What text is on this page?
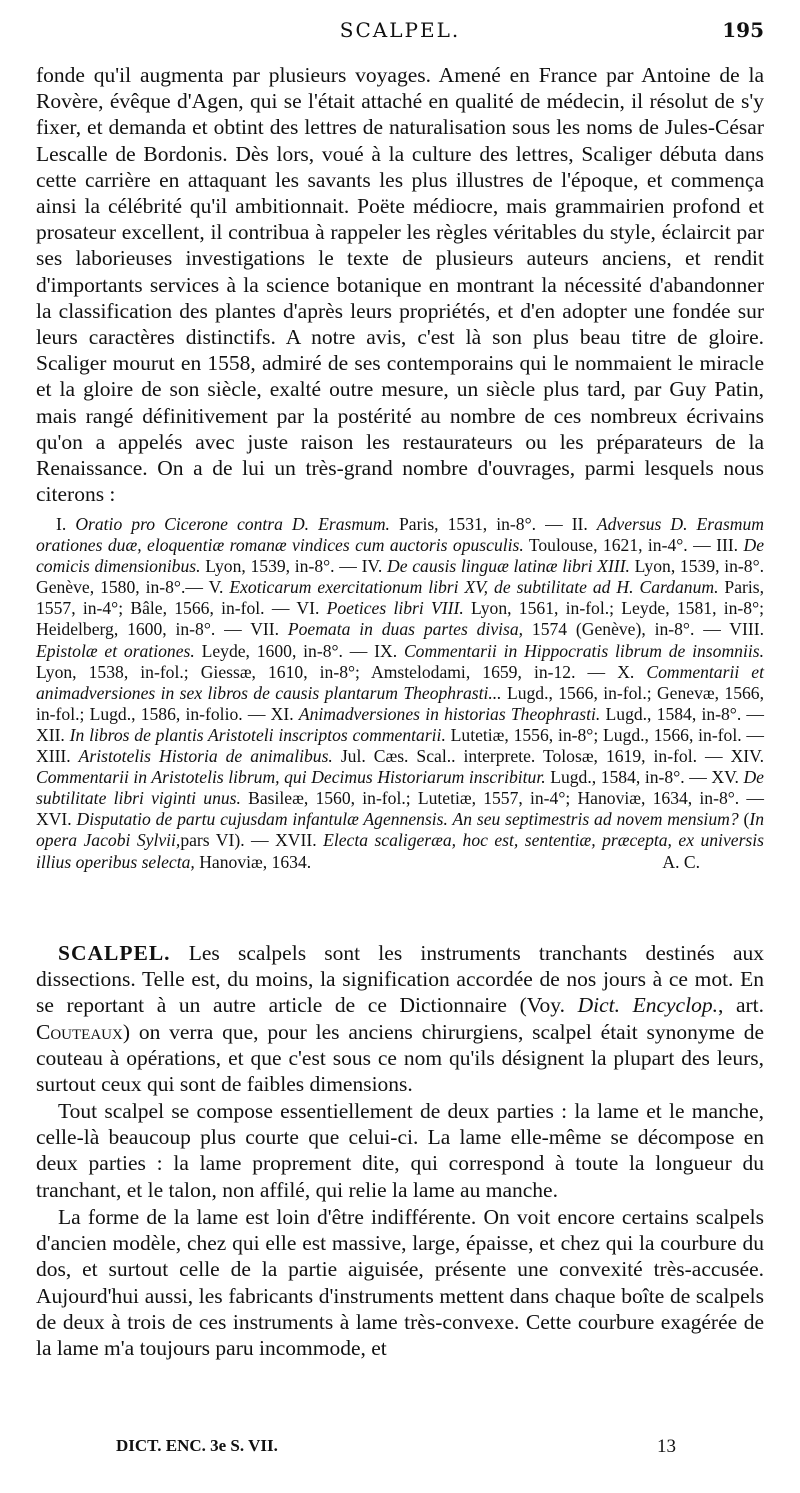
SCALPEL.	195

fonde qu'il augmenta par plusieurs voyages. Amené en France par Antoine de la Rovère, évêque d'Agen, qui se l'était attaché en qualité de médecin, il résolut de s'y fixer, et demanda et obtint des lettres de naturalisation sous les noms de Jules-César Lescalle de Bordonis. Dès lors, voué à la culture des lettres, Scaliger débuta dans cette carrière en attaquant les savants les plus illustres de l'époque, et commença ainsi la célébrité qu'il ambitionnait. Poëte médiocre, mais grammairien profond et prosateur excellent, il contribua à rappeler les règles véritables du style, éclaircit par ses laborieuses investigations le texte de plusieurs auteurs anciens, et rendit d'importants services à la science botanique en montrant la nécessité d'abandonner la classification des plantes d'après leurs propriétés, et d'en adopter une fondée sur leurs caractères distinctifs. A notre avis, c'est là son plus beau titre de gloire. Scaliger mourut en 1558, admiré de ses contemporains qui le nommaient le miracle et la gloire de son siècle, exalté outre mesure, un siècle plus tard, par Guy Patin, mais rangé définitivement par la postérité au nombre de ces nombreux écrivains qu'on a appelés avec juste raison les restaurateurs ou les préparateurs de la Renaissance. On a de lui un très-grand nombre d'ouvrages, parmi lesquels nous citerons :

I. Oratio pro Cicerone contra D. Erasmum. Paris, 1531, in-8°. — II. Adversus D. Erasmum orationes duæ, eloquentiæ romanæ vindices cum auctoris opusculis. Toulouse, 1621, in-4°. — III. De comicis dimensionibus. Lyon, 1539, in-8°. — IV. De causis linguæ latinæ libri XIII. Lyon, 1539, in-8°. Genève, 1580, in-8°.— V. Exoticarum exercitationum libri XV, de subtilitate ad H. Cardanum. Paris, 1557, in-4°; Bâle, 1566, in-fol. — VI. Poetices libri VIII. Lyon, 1561, in-fol.; Leyde, 1581, in-8°; Heidelberg, 1600, in-8°. — VII. Poemata in duas partes divisa, 1574 (Genève), in-8°. — VIII. Epistolæ et orationes. Leyde, 1600, in-8°. — IX. Commentarii in Hippocratis librum de insomniis. Lyon, 1538, in-fol.; Giessæ, 1610, in-8°; Amstelodami, 1659, in-12. — X. Commentarii et animadversiones in sex libros de causis plantarum Theophrasti... Lugd., 1566, in-fol.; Genevæ, 1566, in-fol.; Lugd., 1586, in-folio. — XI. Animadversiones in historias Theophrasti. Lugd., 1584, in-8°. — XII. In libros de plantis Aristoteli inscriptos commentarii. Lutetiæ, 1556, in-8°; Lugd., 1566, in-fol. — XIII. Aristotelis Historia de animalibus. Jul. Cæs. Scal.. interprete. Tolosæ, 1619, in-fol. — XIV. Commentarii in Aristotelis librum, qui Decimus Historiarum inscribitur. Lugd., 1584, in-8°. — XV. De subtilitate libri viginti unus. Basileæ, 1560, in-fol.; Lutetiæ, 1557, in-4°; Hanoviæ, 1634, in-8°. — XVI. Disputatio de partu cujusdam infantulæ Agennensis. An seu septimestris ad novem mensium? (In opera Jacobi Sylvii,pars VI). — XVII. Electa scaligeræa, hoc est, sententiæ, præcepta, ex universis illius operibus selecta, Hanoviæ, 1634.	A. C.

SCALPEL. Les scalpels sont les instruments tranchants destinés aux dissections. Telle est, du moins, la signification accordée de nos jours à ce mot. En se reportant à un autre article de ce Dictionnaire (Voy. Dict. Encyclop., art. Couteaux) on verra que, pour les anciens chirurgiens, scalpel était synonyme de couteau à opérations, et que c'est sous ce nom qu'ils désignent la plupart des leurs, surtout ceux qui sont de faibles dimensions.

Tout scalpel se compose essentiellement de deux parties : la lame et le manche, celle-là beaucoup plus courte que celui-ci. La lame elle-même se décompose en deux parties : la lame proprement dite, qui correspond à toute la longueur du tranchant, et le talon, non affilé, qui relie la lame au manche.

La forme de la lame est loin d'être indifférente. On voit encore certains scalpels d'ancien modèle, chez qui elle est massive, large, épaisse, et chez qui la courbure du dos, et surtout celle de la partie aiguisée, présente une convexité très-accusée. Aujourd'hui aussi, les fabricants d'instruments mettent dans chaque boîte de scalpels de deux à trois de ces instruments à lame très-convexe. Cette courbure exagérée de la lame m'a toujours paru incommode, et

DICT. ENC. 3e S. VII.	13
